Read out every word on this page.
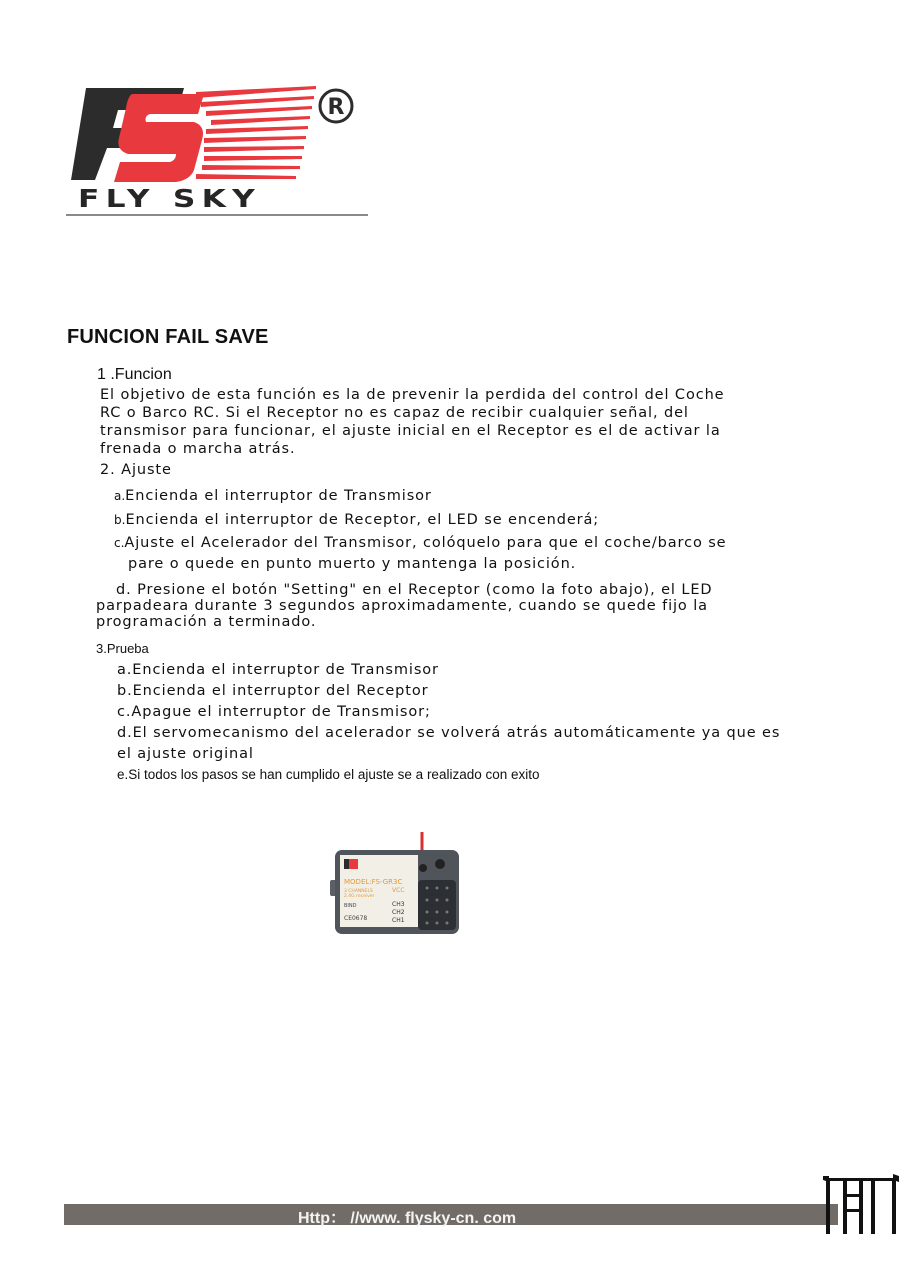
R
FLY SKY
FUNCION FAIL SAVE
1 .Funcion
El objetivo de esta función es la de prevenir la perdida del control del Coche
RC o Barco RC. Si el Receptor no es capaz de recibir cualquier señal, del
transmisor para funcionar, el ajuste inicial en el Receptor es el de activar la
frenada o marcha atrás.
2. Ajuste
a.Encienda el interruptor de Transmisor
b.Encienda el interruptor de Receptor, el LED se encenderá;
c.Ajuste el Acelerador del Transmisor, colóquelo para que el coche/barco se
pare o quede en punto muerto y mantenga la posición.
d. Presione el botón "Setting" en el Receptor (como la foto abajo), el LED
parpadeara durante 3 segundos aproximadamente, cuando se quede fijo la
programación a terminado.
3.Prueba
a.Encienda el interruptor de Transmisor
b.Encienda el interruptor del Receptor
c.Apague el interruptor de Transmisor;
d.El servomecanismo del acelerador se volverá atrás automáticamente ya que es
el ajuste original
e.Si todos los pasos se han cumplido el ajuste se a realizado con exito
MODEL:FS-GR3C
3 CHANNELS
2.4G receiver
BIND
CE0678
VCC
CH3
CH2
CH1
Http： //www. flysky-cn. com
